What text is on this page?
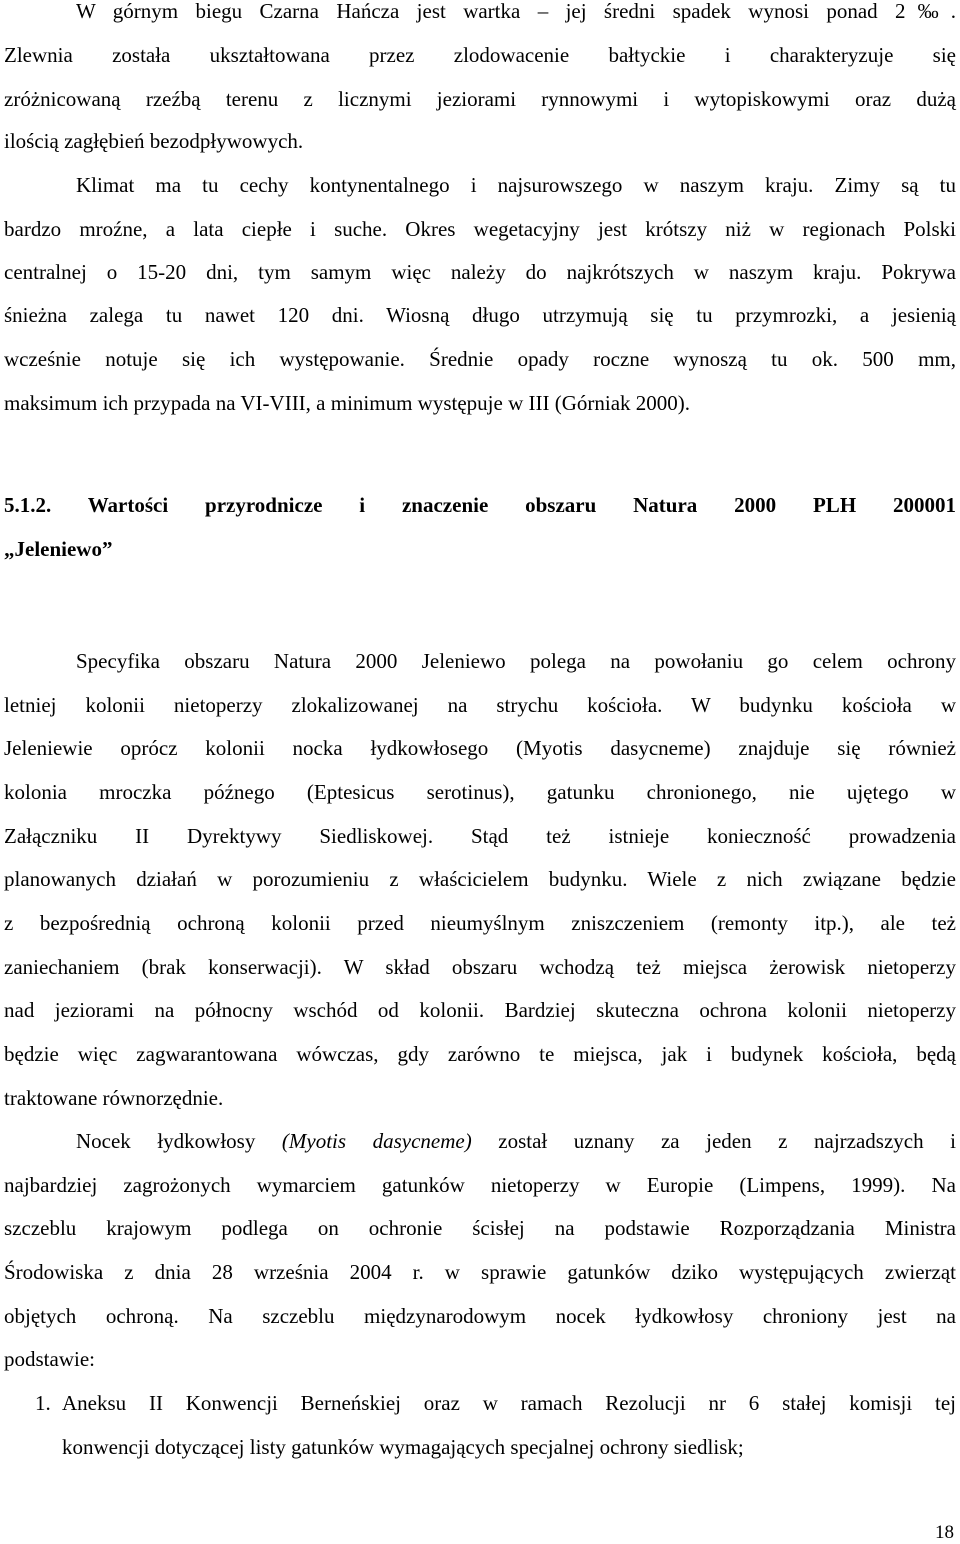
W górnym biegu Czarna Hańcza jest wartka – jej średni spadek wynosi ponad 2‰.
Zlewnia została ukształtowana przez zlodowacenie bałtyckie i charakteryzuje się
zróżnicowaną rzeźbą terenu z licznymi jeziorami rynnowymi i wytopiskowymi oraz dużą
ilością zagłębień bezodpływowych.
Klimat ma tu cechy kontynentalnego i najsurowszego w naszym kraju. Zimy są tu
bardzo mroźne, a lata ciepłe i suche. Okres wegetacyjny jest krótszy niż w regionach Polski
centralnej o 15-20 dni, tym samym więc należy do najkrótszych w naszym kraju. Pokrywa
śnieżna zalega tu nawet 120 dni. Wiosną długo utrzymują się tu przymrozki, a jesienią
wcześnie notuje się ich występowanie. Średnie opady roczne wynoszą tu ok. 500 mm,
maksimum ich przypada na VI-VIII, a minimum występuje w III (Górniak 2000).
5.1.2. Wartości przyrodnicze i znaczenie obszaru Natura 2000 PLH 200001
„Jeleniewo”
Specyfika obszaru Natura 2000 Jeleniewo polega na powołaniu go celem ochrony
letniej kolonii nietoperzy zlokalizowanej na strychu kościoła. W budynku kościoła w
Jeleniewie oprócz kolonii nocka łydkowłosego (Myotis dasycneme) znajduje się również
kolonia mroczka późnego (Eptesicus serotinus), gatunku chronionego, nie ujętego w
Załączniku II Dyrektywy Siedliskowej. Stąd też istnieje konieczność prowadzenia
planowanych działań w porozumieniu z właścicielem budynku. Wiele z nich związane będzie
z bezpośrednią ochroną kolonii przed nieumyślnym zniszczeniem (remonty itp.), ale też
zaniechaniem (brak konserwacji). W skład obszaru wchodzą też miejsca żerowisk nietoperzy
nad jeziorami na północny wschód od kolonii. Bardziej skuteczna ochrona kolonii nietoperzy
będzie więc zagwarantowana wówczas, gdy zarówno te miejsca, jak i budynek kościoła, będą
traktowane równorzędnie.
Nocek łydkowłosy (Myotis dasycneme) został uznany za jeden z najrzadszych i
najbardziej zagrożonych wymarciem gatunków nietoperzy w Europie (Limpens, 1999). Na
szczeblu krajowym podlega on ochronie ścisłej na podstawie Rozporządzania Ministra
Środowiska z dnia 28 września 2004 r. w sprawie gatunków dziko występujących zwierząt
objętych ochroną. Na szczeblu międzynarodowym nocek łydkowłosy chroniony jest na
podstawie:
1. Aneksu II Konwencji Berneńskiej oraz w ramach Rezolucji nr 6 stałej komisji tej
konwencji dotyczącej listy gatunków wymagających specjalnej ochrony siedlisk;
18
